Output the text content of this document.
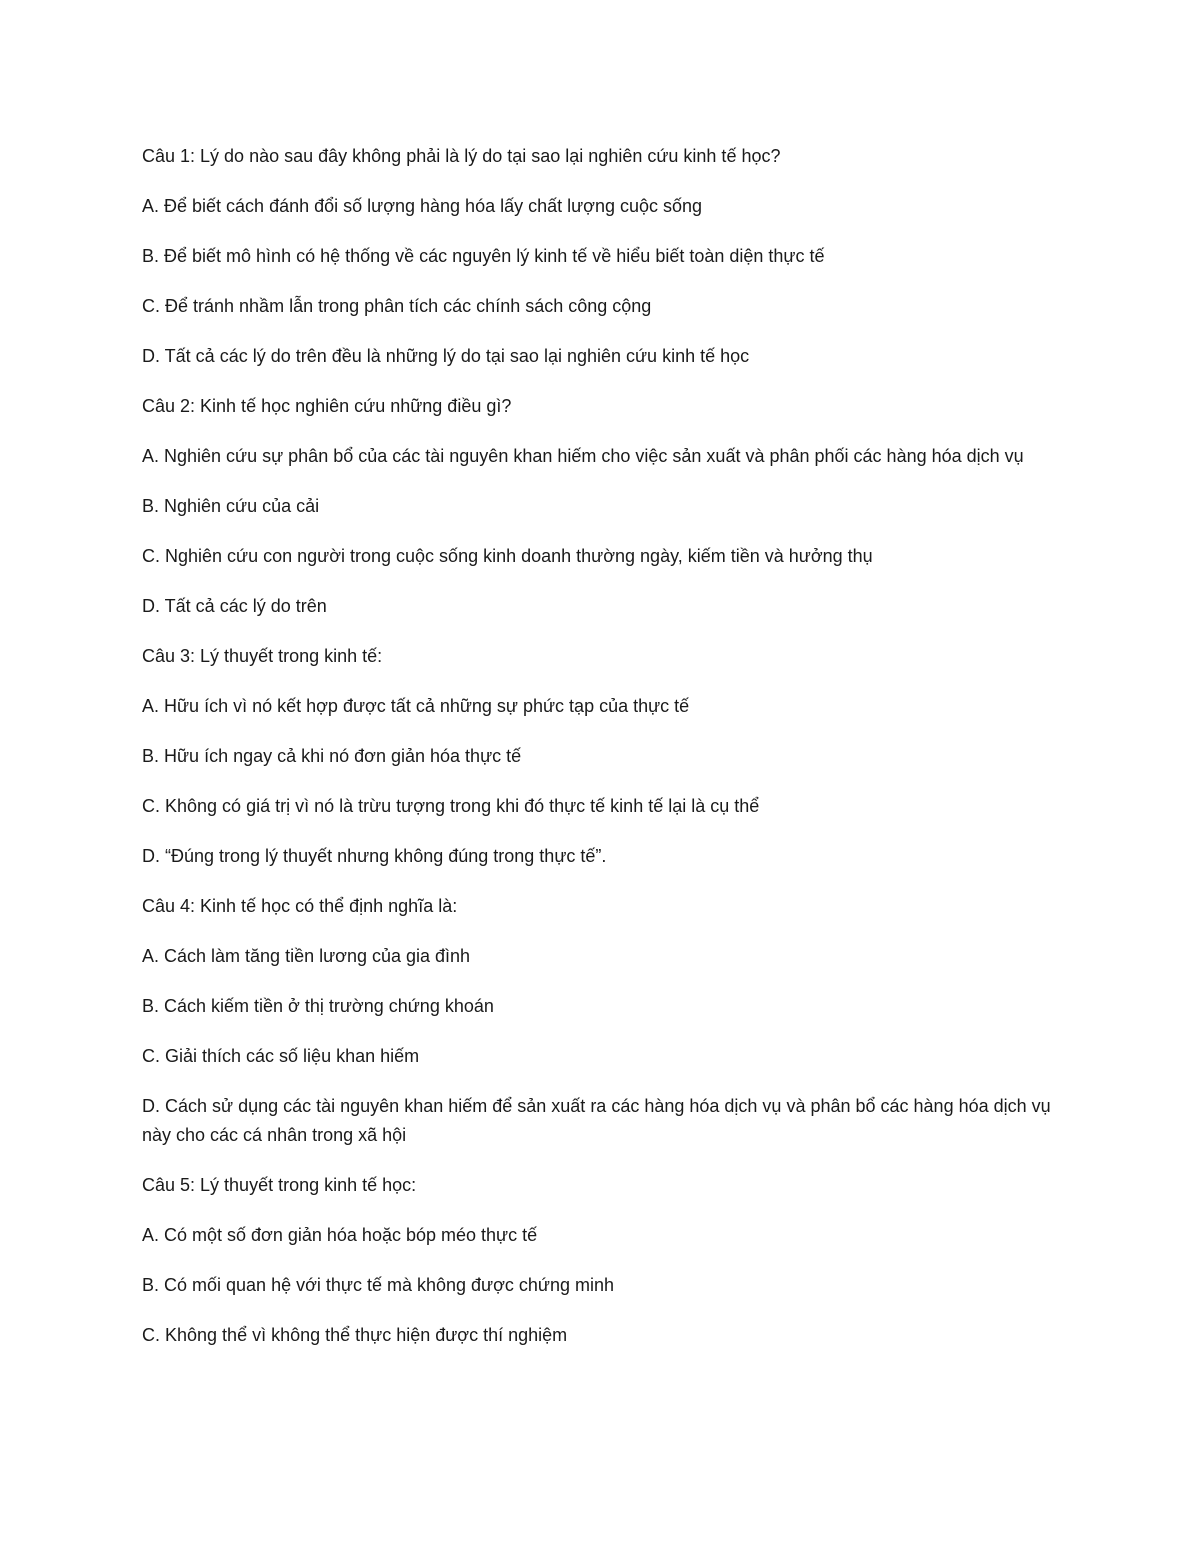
Câu 1: Lý do nào sau đây không phải là lý do tại sao lại nghiên cứu kinh tế học?

A. Để biết cách đánh đổi số lượng hàng hóa lấy chất lượng cuộc sống

B. Để biết mô hình có hệ thống về các nguyên lý kinh tế về hiểu biết toàn diện thực tế

C. Để tránh nhầm lẫn trong phân tích các chính sách công cộng

D. Tất cả các lý do trên đều là những lý do tại sao lại nghiên cứu kinh tế học

Câu 2: Kinh tế học nghiên cứu những điều gì?

A. Nghiên cứu sự phân bổ của các tài nguyên khan hiếm cho việc sản xuất và phân phối các hàng hóa dịch vụ

B. Nghiên cứu của cải

C. Nghiên cứu con người trong cuộc sống kinh doanh thường ngày, kiếm tiền và hưởng thụ

D. Tất cả các lý do trên

Câu 3: Lý thuyết trong kinh tế:

A. Hữu ích vì nó kết hợp được tất cả những sự phức tạp của thực tế

B. Hữu ích ngay cả khi nó đơn giản hóa thực tế

C. Không có giá trị vì nó là trừu tượng trong khi đó thực tế kinh tế lại là cụ thể

D. “Đúng trong lý thuyết nhưng không đúng trong thực tế”.

Câu 4: Kinh tế học có thể định nghĩa là:

A. Cách làm tăng tiền lương của gia đình

B. Cách kiếm tiền ở thị trường chứng khoán

C. Giải thích các số liệu khan hiếm

D. Cách sử dụng các tài nguyên khan hiếm để sản xuất ra các hàng hóa dịch vụ và phân bổ các hàng hóa dịch vụ này cho các cá nhân trong xã hội

Câu 5: Lý thuyết trong kinh tế học:

A. Có một số đơn giản hóa hoặc bóp méo thực tế

B. Có mối quan hệ với thực tế mà không được chứng minh

C. Không thể vì không thể thực hiện được thí nghiệm
